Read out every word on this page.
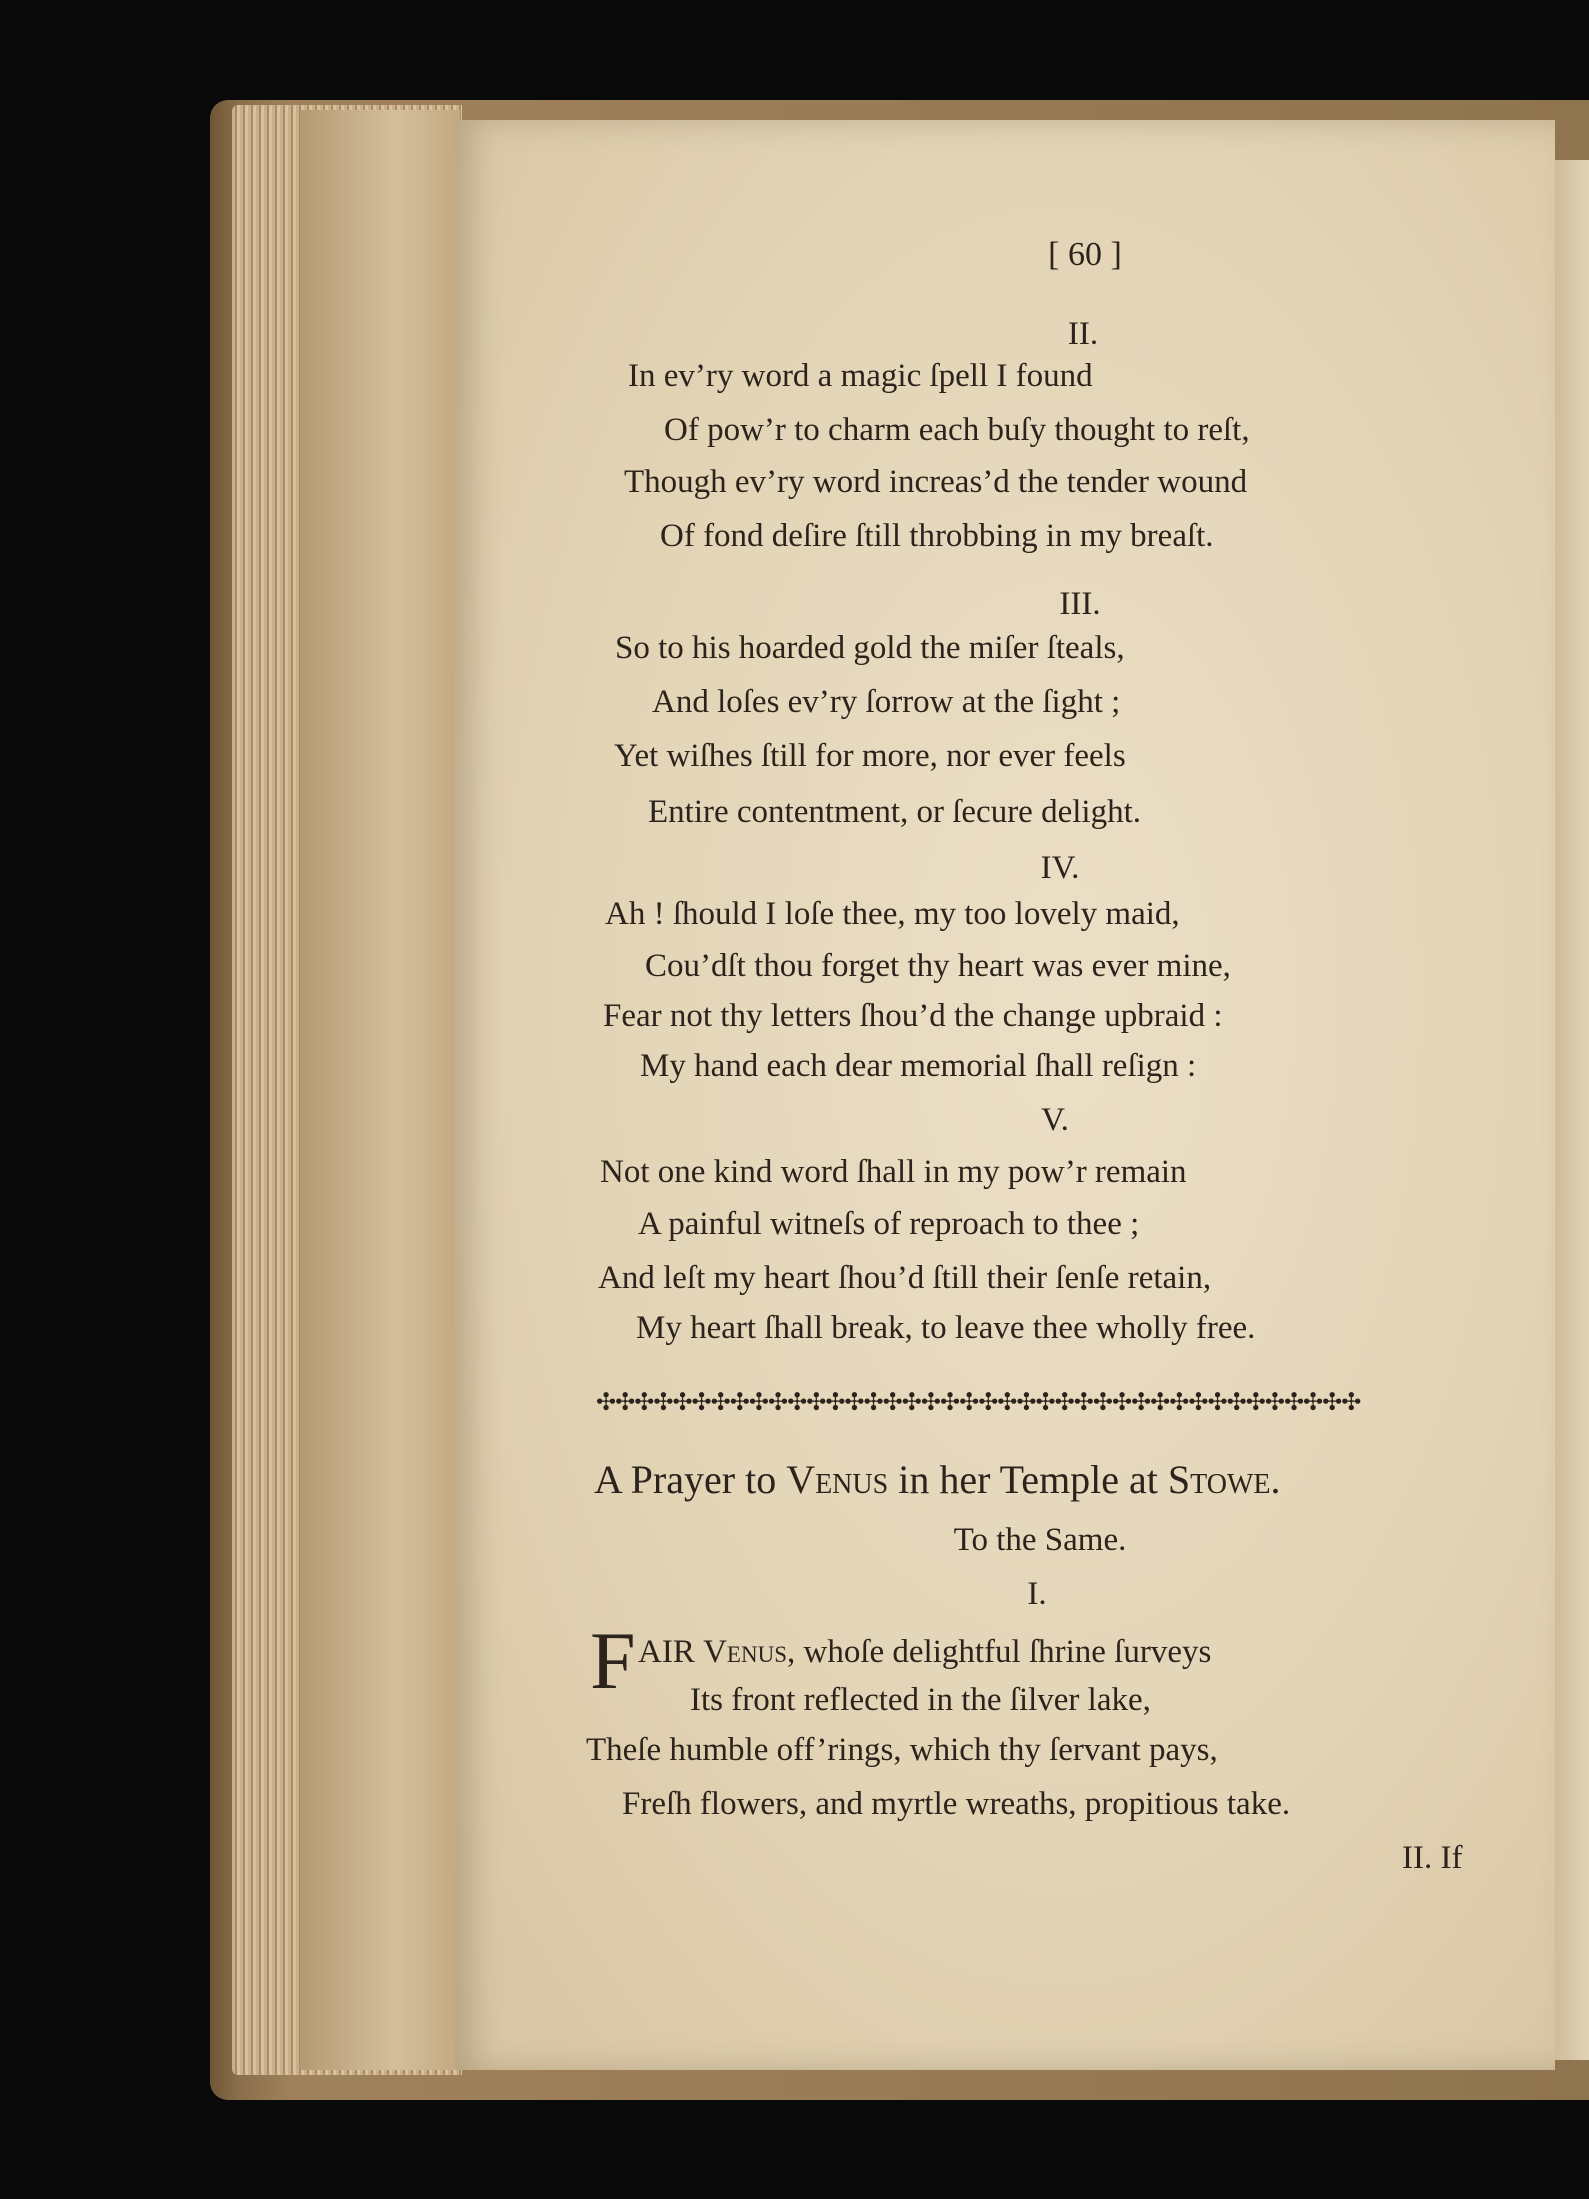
[ 60 ]
II.
In ev’ry word a magic ſpell I found
Of pow’r to charm each buſy thought to reſt,
Though ev’ry word increas’d the tender wound
Of fond deſire ſtill throbbing in my breaſt.
III.
So to his hoarded gold the miſer ſteals,
And loſes ev’ry ſorrow at the ſight ;
Yet wiſhes ſtill for more, nor ever feels
Entire contentment, or ſecure delight.
IV.
Ah ! ſhould I loſe thee, my too lovely maid,
Cou’dſt thou forget thy heart was ever mine,
Fear not thy letters ſhou’d the change upbraid :
My hand each dear memorial ſhall reſign :
V.
Not one kind word ſhall in my pow’r remain
A painful witneſs of reproach to thee ;
And leſt my heart ſhou’d ſtill their ſenſe retain,
My heart ſhall break, to leave thee wholly free.
✣✣✣✣✣✣✣✣✣✣✣✣✣✣✣✣✣✣✣✣✣✣✣✣✣✣✣✣✣✣✣✣✣✣✣✣✣✣✣✣
A Prayer to Venus in her Temple at Stowe.
To the Same.
I.
F AIR Venus, whoſe delightful ſhrine ſurveys
Its front reflected in the ſilver lake,
Theſe humble off’rings, which thy ſervant pays,
Freſh flowers, and myrtle wreaths, propitious take.
II. If
